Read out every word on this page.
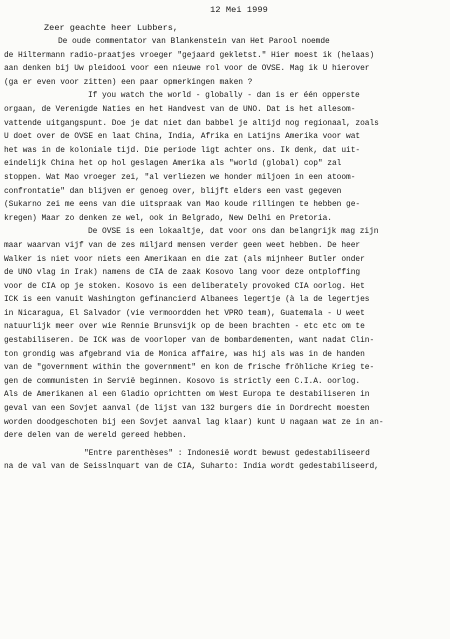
12 Mei 1999
Zeer geachte heer Lubbers,
De oude commentator van Blankenstein van Het Parool noemde
de Hiltermann radio-praatjes vroeger "gejaard gekletst." Hier moest ik (helaas)
aan denken bij Uw pleidooi voor een nieuwe rol voor de OVSE. Mag ik U hierover
(ga er even voor zitten) een paar opmerkingen maken ?
If you watch the world - globally - dan is er één opperste
orgaan, de Verenigde Naties en het Handvest van de UNO. Dat is het allesom-
vattende uitgangspunt. Doe je dat niet dan babbel je altijd nog regionaal, zoals
U doet over de OVSE en laat China, India, Afrika en Latijns Amerika voor wat
het was in de koloniale tijd. Die periode ligt achter ons. Ik denk, dat uit-
eindelijk China het op hol geslagen Amerika als "world (global) cop" zal
stoppen. Wat Mao vroeger zei, "al verliezen we honder miljoen in een atoom-
confrontatie" dan blijven er genoeg over, blijft elders een vast gegeven
(Sukarno zei me eens van die uitspraak van Mao koude rillingen te hebben ge-
kregen) Maar zo denken ze wel, ook in Belgrado, New Delhi en Pretoria.
De OVSE is een lokaaltje, dat voor ons dan belangrijk mag zijn
maar waarvan vijf van de zes miljard mensen verder geen weet hebben. De heer
Walker is niet voor niets een Amerikaan en die zat (als mijnheer Butler onder
de UNO vlag in Irak) namens de CIA de zaak Kosovo lang voor deze ontploffing
voor de CIA op je stoken. Kosovo is een deliberately provoked CIA oorlog. Het
ICK is een vanuit Washington gefinancierd Albanees legertje (à la de legertjes
in Nicaragua, El Salvador (vie vermoordden het VPRO team), Guatemala - U weet
natuurlijk meer over wie Rennie Brunsvijk op de been brachten - etc etc om te
gestabiliseren. De ICK was de voorloper van de bombardementen, want nadat Clin-
ton grondig was afgebrand via de Monica affaire, was hij als was in de handen
van de "government within the government" en kon de frische fröhliche Krieg te-
gen de communisten in Servië beginnen. Kosovo is strictly een C.I.A. oorlog.
Als de Amerikanen al een Gladio oprichtten om West Europa te destabiliseren in
geval van een Sovjet aanval (de lijst van 132 burgers die in Dordrecht moesten
worden doodgeschoten bij een Sovjet aanval lag klaar) kunt U nagaan wat ze in an-
dere delen van de wereld gereed hebben.
"Entre parenthèses" : Indonesië wordt bewust gedestabiliseerd
na de val van de Seisslnquart van de CIA, Suharto: India wordt gedestabiliseerd,
